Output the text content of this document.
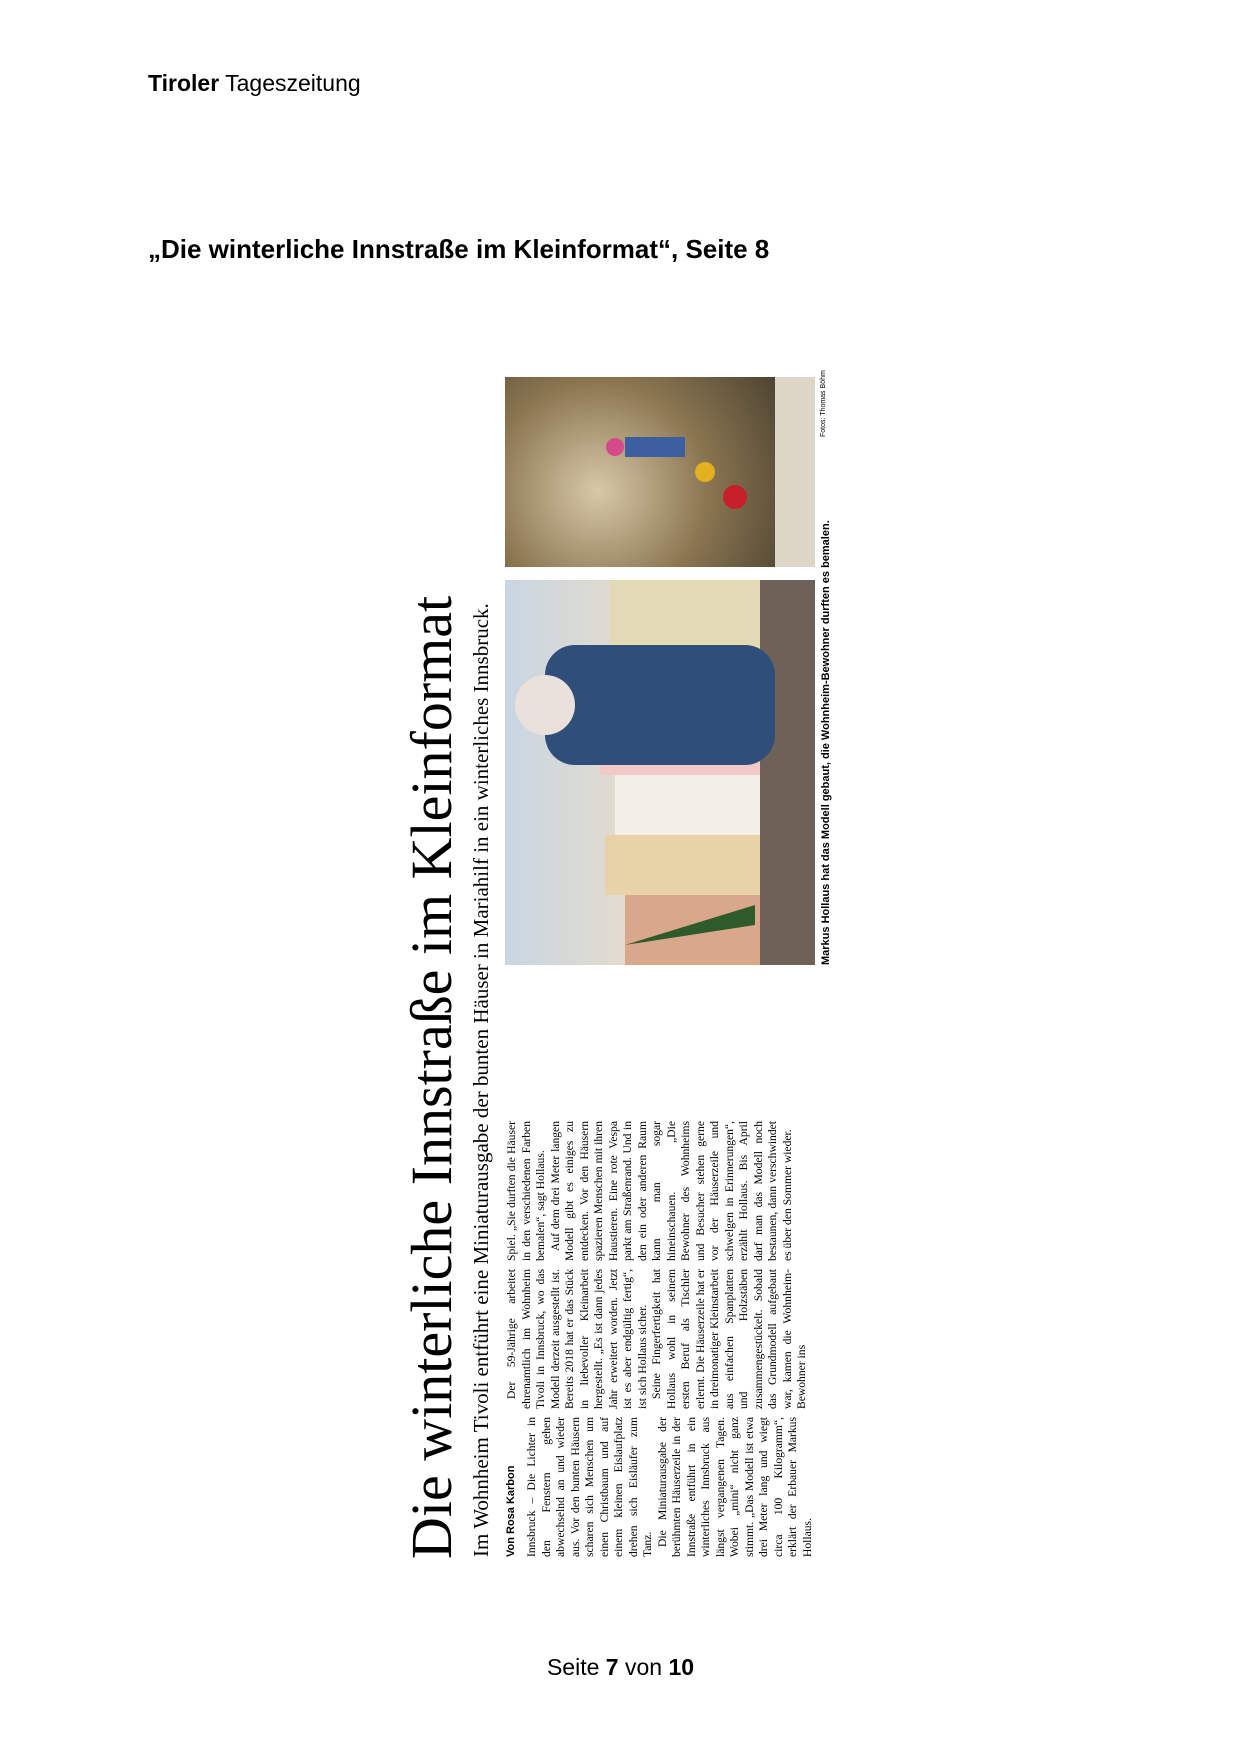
Tiroler Tageszeitung
„Die winterliche Innstraße im Kleinformat“, Seite 8
Die winterliche Innstraße im Kleinformat Im Wohnheim Tivoli entführt eine Miniaturausgabe der bunten Häuser in Mariahilf in ein winterliches Innsbruck.	Innsbruck – Die Lichter in den Fenstern gehen abwechselnd an und wieder aus. Vor den bunten Häusern scharen sich Menschen um einen Christbaum und auf einem kleinen Eislaufplatz drehen sich Eisläufer zum Tanz. Die Miniaturausgabe der berühmten Häuserzeile in der Innstraße entführt in ein winterliches Innsbruck aus längst vergangenen Tagen. Wobei „mini“ nicht ganz stimmt. „Das Modell ist etwa drei Meter lang und wiegt circa 100 Kilogramm“, erklärt der Erbauer Markus Hollaus.

Der 59-Jährige arbeitet ehrenamtlich im Wohnheim Tivoli in Innsbruck, wo das Modell derzeit ausgestellt ist. Bereits 2018 hat er das Stück in liebevoller Kleinarbeit hergestellt. „Es ist dann jedes Jahr erweitert worden. Jetzt ist es aber endgültig fertig“, ist sich Hollaus sicher. Seine Fingerfertigkeit hat Hollaus wohl in seinem ersten Beruf als Tischler erlernt. Die Häuserzeile hat er in dreimonatiger Kleinstarbeit aus einfachen Spanplatten und Holzstäben zusammengestückelt. Sobald das Grundmodell aufgebaut war, kamen die Wohnheim-Bewohner ins

Spiel. „Sie durften die Häuser in den verschiedenen Farben bemalen“, sagt Hollaus. Auf dem drei Meter langen Modell gibt es einiges zu entdecken. Vor den Häusern spazieren Menschen mit ihren Haustieren. Eine rote Vespa parkt am Straßenrand. Und in den ein oder anderen Raum kann man sogar hineinschauen. „Die Bewohner des Wohnheims und Besucher stehen gerne vor der Häuserzeile und schwelgen in Erinnerungen“, erzählt Hollaus. Bis April darf man das Modell noch bestaunen, dann verschwindet es über den Sommer wieder.

Von Rosa Karbon
Markus Hollaus hat das Modell gebaut, die Wohnheim-Bewohner durften es bemalen.
Fotos: Thomas Böhm
Seite 7 von 10
